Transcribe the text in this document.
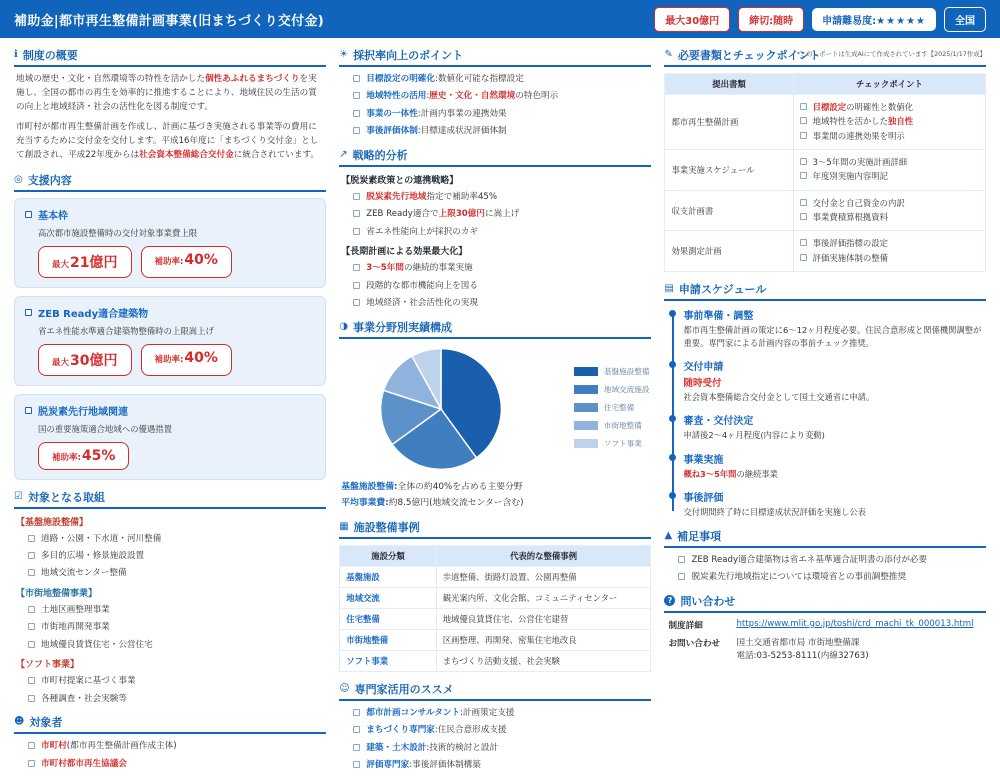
補助金|都市再生整備計画事業(旧まちづくり交付金)	最大30億円	締切:随時	申請難易度:★★★★★	全国
ℹ 制度の概要

地域の歴史・文化・自然環境等の特性を活かした個性あふれるまちづくりを実施し、全国の都市の再生を効率的に推進することにより、地域住民の生活の質の向上と地域経済・社会の活性化を図る制度です。

市町村が都市再生整備計画を作成し、計画に基づき実施される事業等の費用に充当するために交付金を交付します。平成16年度に「まちづくり交付金」として創設され、平成22年度からは社会資本整備総合交付金に統合されています。

◎ 支援内容
基本枠
高次都市施設整備時の交付対象事業費上限
最大 21億円	補助率: 40%
ZEB Ready適合建築物
省エネ性能水準適合建築物整備時の上限嵩上げ
最大 30億円	補助率: 40%
脱炭素先行地域関連
国の重要施策適合地域への優遇措置
補助率: 45%
☑ 対象となる取組
【基盤施設整備】
道路・公園・下水道・河川整備
多目的広場・修景施設設置
地域交流センター整備
【市街地整備事業】
土地区画整理事業
市街地再開発事業
地域優良賃貸住宅・公営住宅
【ソフト事業】
市町村提案に基づく事業
各種調査・社会実験等
☻ 対象者
市町村(都市再生整備計画作成主体)
市町村都市再生協議会
☀ 採択率向上のポイント
目標設定の明確化:数値化可能な指標設定
地域特性の活用:歴史・文化・自然環境の特色明示
事業の一体性:計画内事業の連携効果
事後評価体制:目標達成状況評価体制
↗ 戦略的分析
【脱炭素政策との連携戦略】
脱炭素先行地域指定で補助率45%
ZEB Ready適合で上限30億円に嵩上げ
省エネ性能向上が採択のカギ
【長期計画による効果最大化】
3〜5年間の継続的事業実施
段階的な都市機能向上を図る
地域経済・社会活性化の実現
◑ 事業分野別実績構成
基盤施設整備
地域交流施設
住宅整備
市街地整備
ソフト事業
基盤施設整備:全体の約40%を占める主要分野
平均事業費:約8.5億円(地域交流センター含む)
▦ 施設整備事例
施設分類	代表的な整備事例
基盤施設	歩道整備、街路灯設置、公園再整備
地域交流	観光案内所、文化会館、コミュニティセンター
住宅整備	地域優良賃貸住宅、公営住宅建替
市街地整備	区画整理、再開発、密集住宅地改良
ソフト事業	まちづくり活動支援、社会実験
☺ 専門家活用のススメ
都市計画コンサルタント:計画策定支援
まちづくり専門家:住民合意形成支援
建築・土木設計:技術的検討と設計
評価専門家:事後評価体制構築
*このレポートは生成AIにて作成されています【2025/1/17作成】
✎ 必要書類とチェックポイント
提出書類	チェックポイント
都市再生整備計画	目標設定の明確性と数値化
地域特性を活かした独自性
事業間の連携効果を明示

事業実施スケジュール	3〜5年間の実施計画詳細
年度別実施内容明記

収支計画書	交付金と自己資金の内訳
事業費積算根拠資料

効果測定計画	事後評価指標の設定
評価実施体制の整備
▤ 申請スケジュール
事前準備・調整
都市再生整備計画の策定に6〜12ヶ月程度必要。住民合意形成と関係機関調整が重要。専門家による計画内容の事前チェック推奨。
交付申請
随時受付
社会資本整備総合交付金として国土交通省に申請。
審査・交付決定
申請後2〜4ヶ月程度(内容により変動)
事業実施
概ね3〜5年間の継続事業
事後評価
交付期間終了時に目標達成状況評価を実施し公表
▲ 補足事項
ZEB Ready適合建築物は省エネ基準適合証明書の添付が必要
脱炭素先行地域指定については環境省との事前調整推奨
? 問い合わせ
制度詳細	https://www.mlit.go.jp/toshi/crd_machi_tk_000013.html
お問い合わせ	国土交通省都市局 市街地整備課
電話:03-5253-8111(内線32763)
